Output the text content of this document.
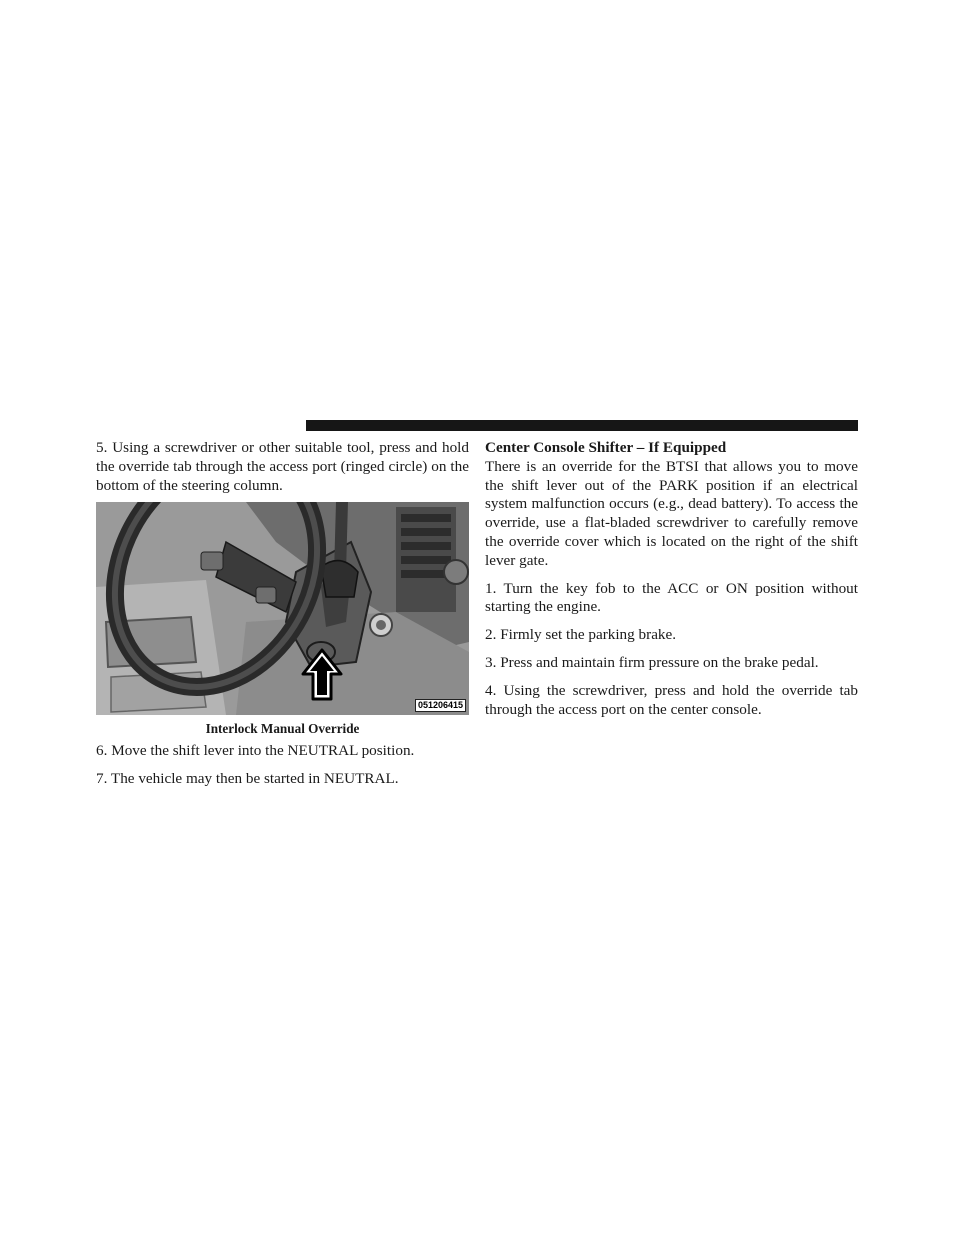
5. Using a screwdriver or other suitable tool, press and hold the override tab through the access port (ringed circle) on the bottom of the steering column.

051206415
Interlock Manual Override

6. Move the shift lever into the NEUTRAL position.

7. The vehicle may then be started in NEUTRAL.

Center Console Shifter – If Equipped

There is an override for the BTSI that allows you to move the shift lever out of the PARK position if an electrical system malfunction occurs (e.g., dead battery). To access the override, use a flat-bladed screwdriver to carefully remove the override cover which is located on the right of the shift lever gate.

1. Turn the key fob to the ACC or ON position without starting the engine.

2. Firmly set the parking brake.

3. Press and maintain firm pressure on the brake pedal.

4. Using the screwdriver, press and hold the override tab through the access port on the center console.
